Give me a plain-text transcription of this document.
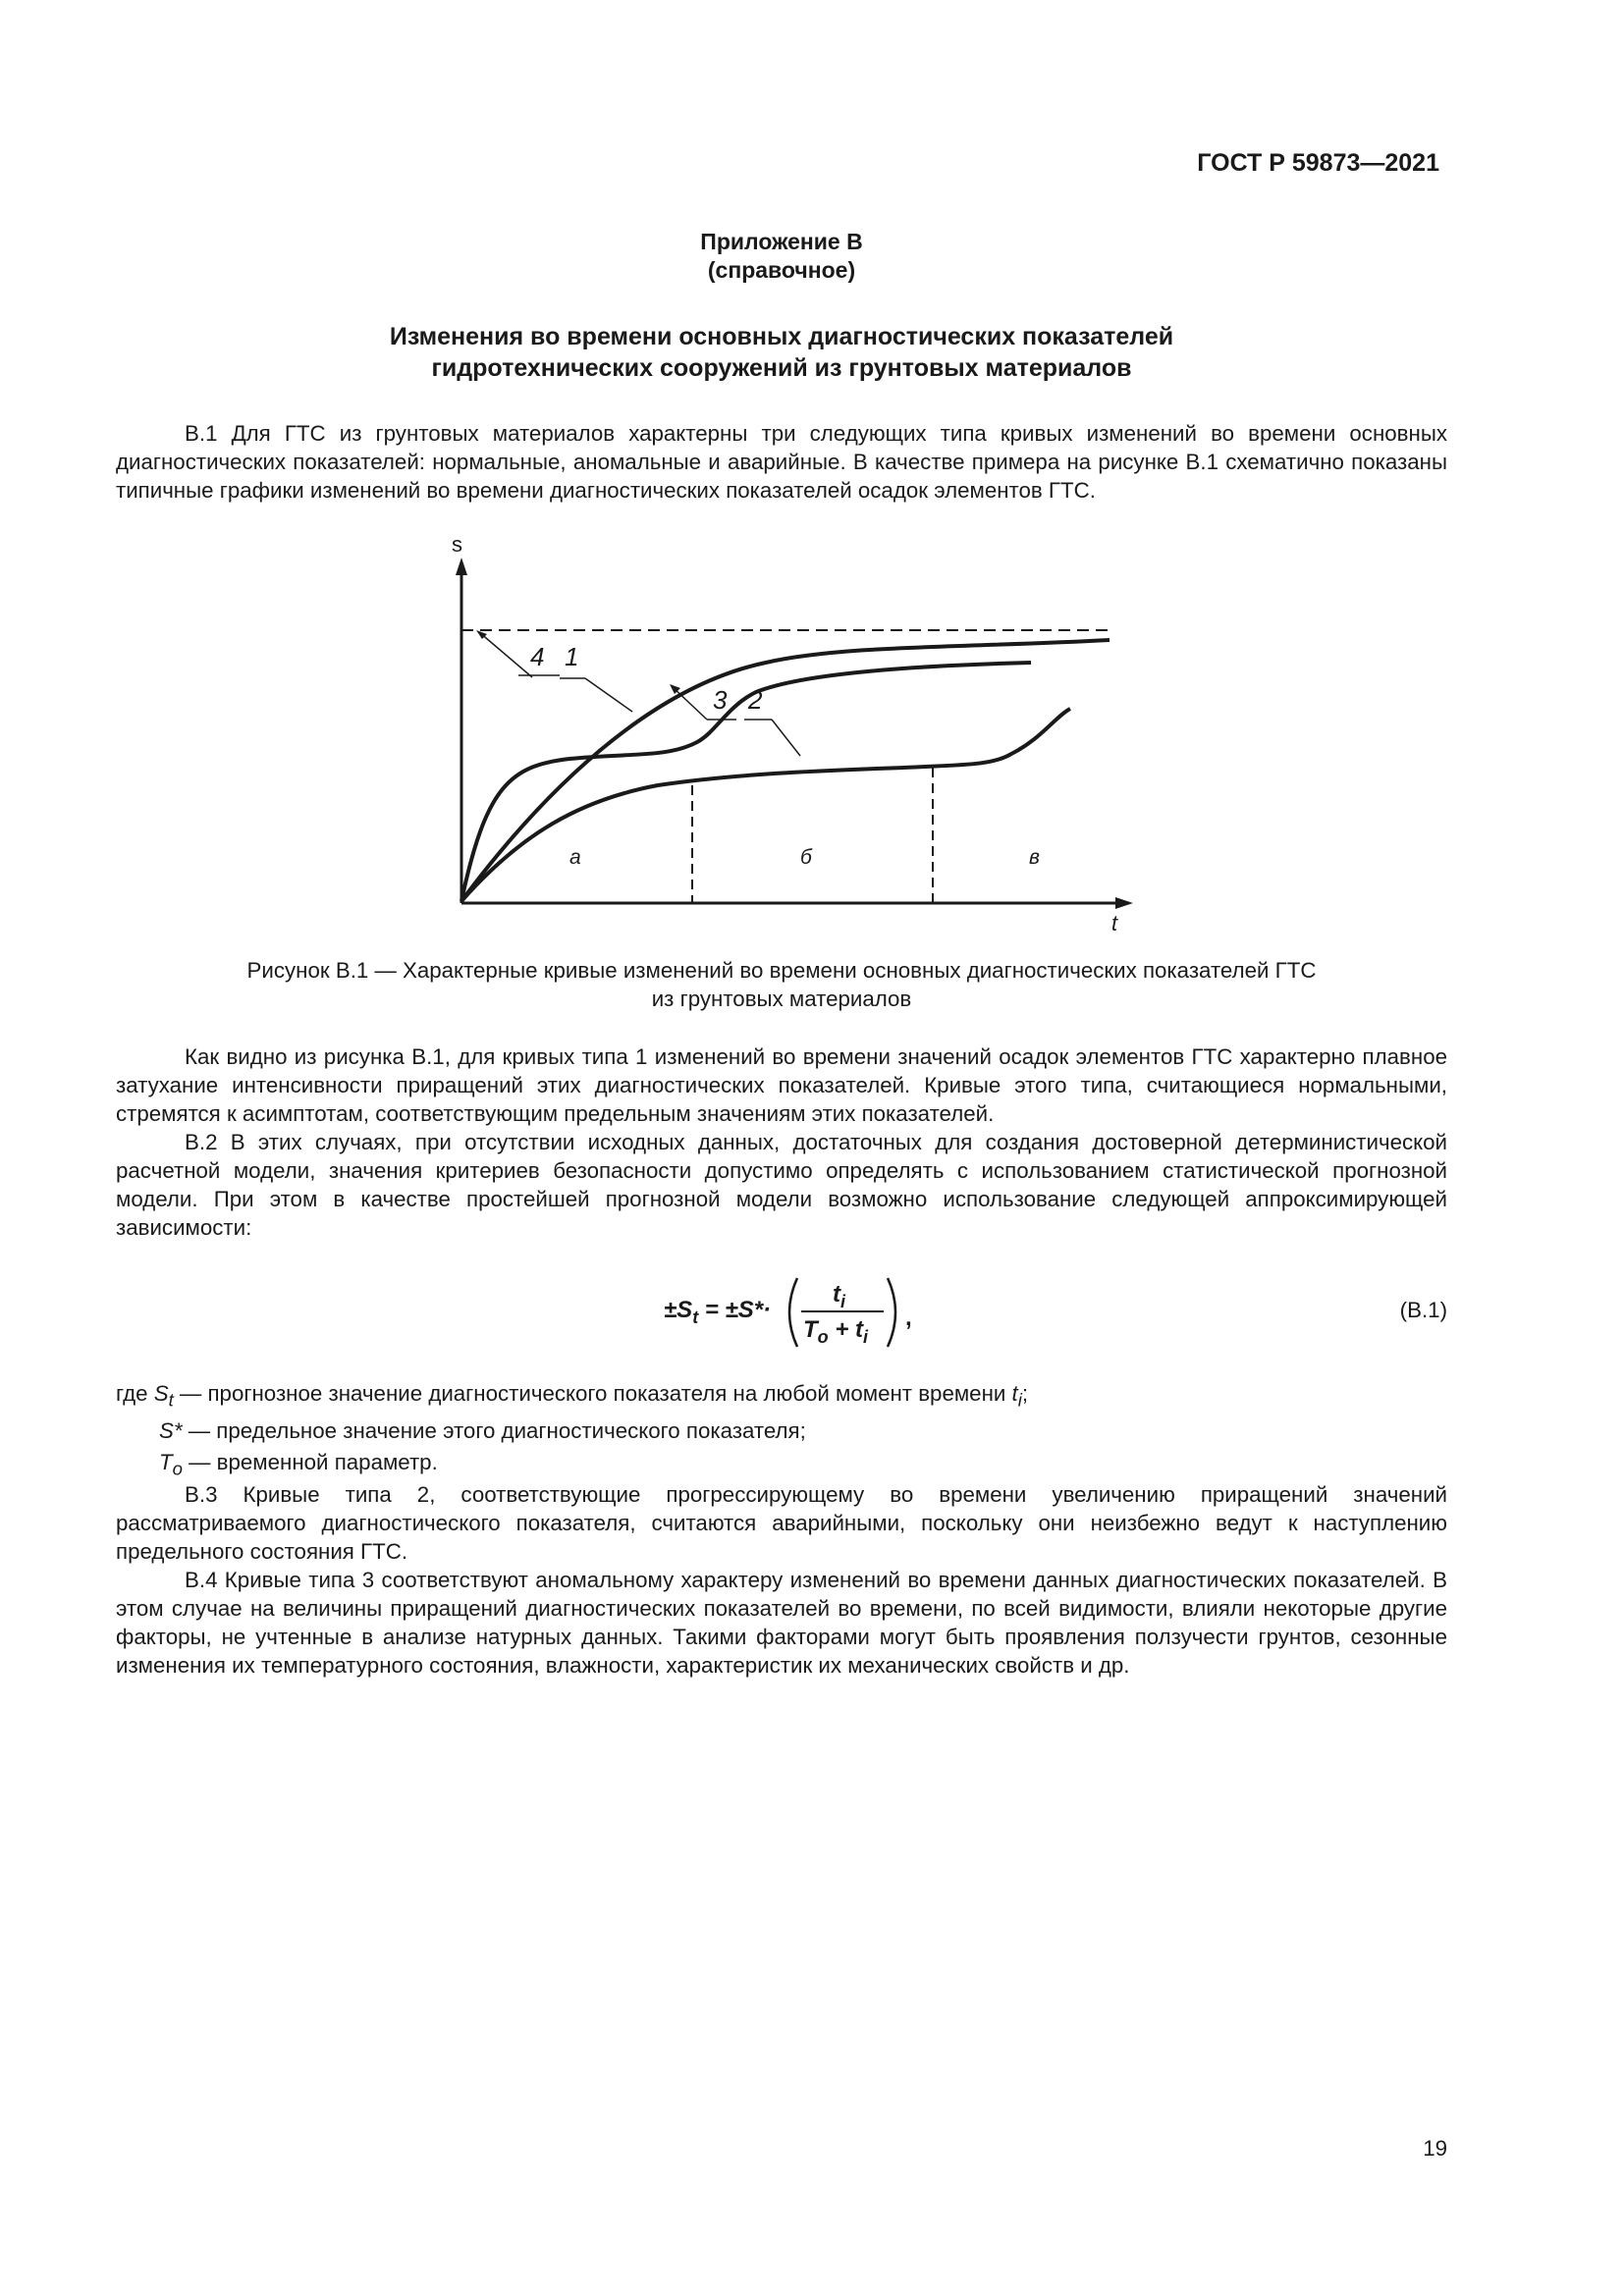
ГОСТ Р 59873—2021
Приложение В
(справочное)
Изменения во времени основных диагностических показателей
гидротехнических сооружений из грунтовых материалов

В.1 Для ГТС из грунтовых материалов характерны три следующих типа кривых изменений во времени основных диагностических показателей: нормальные, аномальные и аварийные. В качестве примера на рисунке В.1 схематично показаны типичные графики изменений во времени диагностических показателей осадок элементов ГТС.

s
t
4 1
3 2
а	б	в
Рисунок В.1 — Характерные кривые изменений во времени основных диагностических показателей ГТС
из грунтовых материалов

Как видно из рисунка В.1, для кривых типа 1 изменений во времени значений осадок элементов ГТС характерно плавное затухание интенсивности приращений этих диагностических показателей. Кривые этого типа, считающиеся нормальными, стремятся к асимптотам, соответствующим предельным значениям этих показателей.

В.2 В этих случаях, при отсутствии исходных данных, достаточных для создания достоверной детерминистической расчетной модели, значения критериев безопасности допустимо определять с использованием статистической прогнозной модели. При этом в качестве простейшей прогнозной модели возможно использование следующей аппроксимирующей зависимости:

$\pm S_t = \pm S*\cdot$
$t_i$
$T_o + t_i$
,	(В.1)
где $S_t$ — прогнозное значение диагностического показателя на любой момент времени $t_i$;
S* — предельное значение этого диагностического показателя;
$T_o$ — временной параметр.

В.3 Кривые типа 2, соответствующие прогрессирующему во времени увеличению приращений значений рассматриваемого диагностического показателя, считаются аварийными, поскольку они неизбежно ведут к наступлению предельного состояния ГТС.

В.4 Кривые типа 3 соответствуют аномальному характеру изменений во времени данных диагностических показателей. В этом случае на величины приращений диагностических показателей во времени, по всей видимости, влияли некоторые другие факторы, не учтенные в анализе натурных данных. Такими факторами могут быть проявления ползучести грунтов, сезонные изменения их температурного состояния, влажности, характеристик их механических свойств и др.

19
